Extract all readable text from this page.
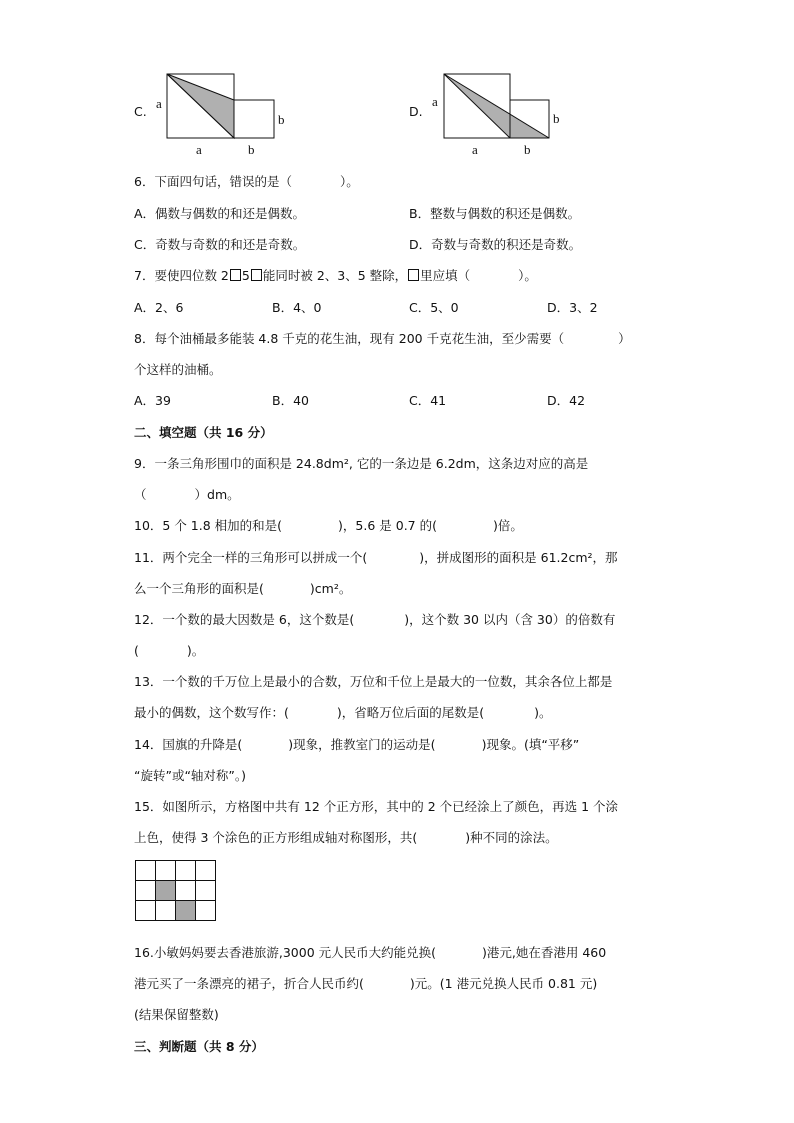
C.
a
b
a	b
D.
a
b
a	b
6．下面四句话，错误的是（	）。
A．偶数与偶数的和还是偶数。	B．整数与偶数的积还是偶数。
C．奇数与奇数的和还是奇数。	D．奇数与奇数的积还是奇数。
7．要使四位数 2 5 能同时被 2、3、5 整除， 里应填（	）。
A．2、6	B．4、0	C．5、0	D．3、2
8．每个油桶最多能装 4.8 千克的花生油，现有 200 千克花生油，至少需要（	）
个这样的油桶。
A．39	B．40	C．41	D．42
二、填空题（共 16 分）
9．一条三角形围巾的面积是 24.8dm², 它的一条边是 6.2dm，这条边对应的高是
（	）dm。
10．5 个 1.8 相加的和是(	)，5.6 是 0.7 的(	)倍。
11．两个完全一样的三角形可以拼成一个(	)，拼成图形的面积是 61.2cm²，那
么一个三角形的面积是(	)cm²。
12．一个数的最大因数是 6，这个数是(	)，这个数 30 以内（含 30）的倍数有
(	)。
13．一个数的千万位上是最小的合数，万位和千位上是最大的一位数，其余各位上都是
最小的偶数，这个数写作：(	)，省略万位后面的尾数是(	)。
14．国旗的升降是(	)现象，推教室门的运动是(	)现象。(填“平移”
“旋转”或“轴对称”。)
15．如图所示，方格图中共有 12 个正方形，其中的 2 个已经涂上了颜色，再选 1 个涂
上色，使得 3 个涂色的正方形组成轴对称图形，共(	)种不同的涂法。
16.小敏妈妈要去香港旅游,3000 元人民币大约能兑换(	)港元,她在香港用 460
港元买了一条漂亮的裙子，折合人民币约(	)元。(1 港元兑换人民币 0.81 元)
(结果保留整数)
三、判断题（共 8 分）
